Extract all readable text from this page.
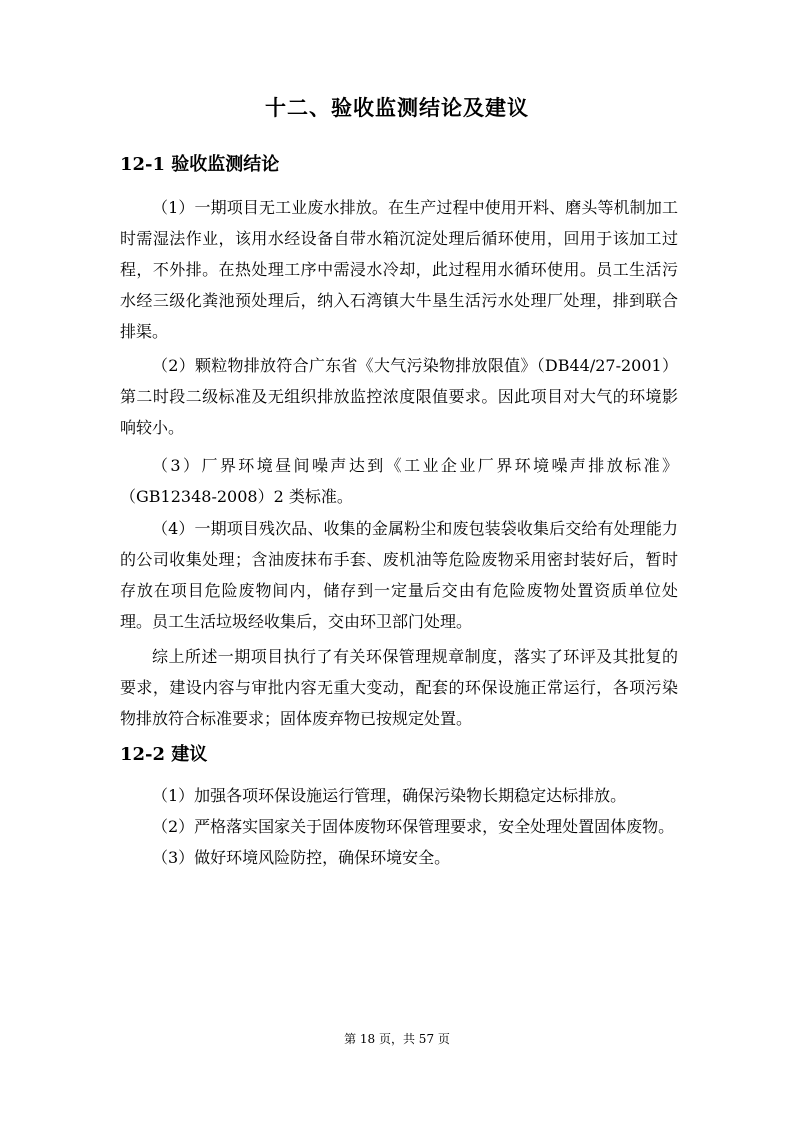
十二、验收监测结论及建议
12-1 验收监测结论

（1）一期项目无工业废水排放。在生产过程中使用开料、磨头等机制加工时需湿法作业，该用水经设备自带水箱沉淀处理后循环使用，回用于该加工过程，不外排。在热处理工序中需浸水冷却，此过程用水循环使用。员工生活污水经三级化粪池预处理后，纳入石湾镇大牛垦生活污水处理厂处理，排到联合排渠。

（2）颗粒物排放符合广东省《大气污染物排放限值》（DB44/27-2001）第二时段二级标准及无组织排放监控浓度限值要求。因此项目对大气的环境影响较小。

（3）厂界环境昼间噪声达到《工业企业厂界环境噪声排放标准》（GB12348-2008）2 类标准。

（4）一期项目残次品、收集的金属粉尘和废包装袋收集后交给有处理能力的公司收集处理；含油废抹布手套、废机油等危险废物采用密封装好后，暂时存放在项目危险废物间内，储存到一定量后交由有危险废物处置资质单位处理。员工生活垃圾经收集后，交由环卫部门处理。

综上所述一期项目执行了有关环保管理规章制度，落实了环评及其批复的要求，建设内容与审批内容无重大变动，配套的环保设施正常运行，各项污染物排放符合标准要求；固体废弃物已按规定处置。

12-2 建议

（1）加强各项环保设施运行管理，确保污染物长期稳定达标排放。

（2）严格落实国家关于固体废物环保管理要求，安全处理处置固体废物。

（3）做好环境风险防控，确保环境安全。

第 18 页，共 57 页
